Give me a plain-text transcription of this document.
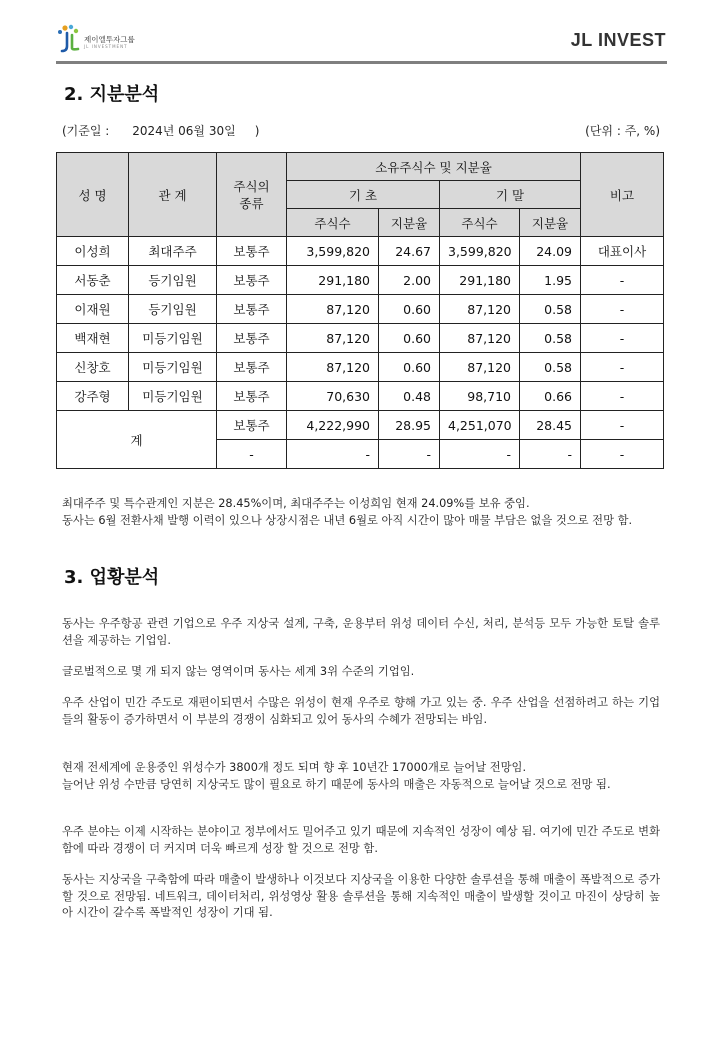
제이엘투자그룹
JL INVESTMENT	JL INVEST
2. 지분분석
(기준일 :      2024년 06월 30일     )	(단위 : 주, %)
성 명	관 계	주식의
종류	소유주식수 및 지분율				비고
			기 초		기 말		
			주식수	지분율	주식수	지분율	
이성희	최대주주	보통주	3,599,820	24.67	3,599,820	24.09	대표이사
서동춘	등기임원	보통주	291,180	2.00	291,180	1.95	-
이재원	등기임원	보통주	87,120	0.60	87,120	0.58	-
백재현	미등기임원	보통주	87,120	0.60	87,120	0.58	-
신창호	미등기임원	보통주	87,120	0.60	87,120	0.58	-
강주형	미등기임원	보통주	70,630	0.48	98,710	0.66	-
계		보통주	4,222,990	28.95	4,251,070	28.45	-
		-	-	-	-	-	-

최대주주 및 특수관계인 지분은 28.45%이며, 최대주주는 이성희임 현재 24.09%를 보유 중임.

동사는 6월 전환사채 발행 이력이 있으나 상장시점은 내년 6월로 아직 시간이 많아 매물 부담은 없을 것으로 전망 함.

3. 업황분석

동사는 우주항공 관련 기업으로 우주 지상국 설계, 구축, 운용부터 위성 데이터 수신, 처리, 분석등 모두 가능한 토탈 솔루션을 제공하는 기업임.

글로벌적으로 몇 개 되지 않는 영역이며 동사는 세계 3위 수준의 기업임.

우주 산업이 민간 주도로 재편이되면서 수많은 위성이 현재 우주로 향해 가고 있는 중. 우주 산업을 선점하려고 하는 기업들의 활동이 증가하면서 이 부분의 경쟁이 심화되고 있어 동사의 수혜가 전망되는 바임.

현재 전세계에 운용중인 위성수가 3800개 정도 되며 향 후 10년간 17000개로 늘어날 전망임.

늘어난 위성 수만큼 당연히 지상국도 많이 필요로 하기 때문에 동사의 매출은 자동적으로 늘어날 것으로 전망 됨.

우주 분야는 이제 시작하는 분야이고 정부에서도 밀어주고 있기 때문에 지속적인 성장이 예상 됨. 여기에 민간 주도로 변화함에 따라 경쟁이 더 커지며 더욱 빠르게 성장 할 것으로 전망 함.

동사는 지상국을 구축함에 따라 매출이 발생하나 이것보다 지상국을 이용한 다양한 솔루션을 통해 매출이 폭발적으로 증가 할 것으로 전망됨. 네트워크, 데이터처리, 위성영상 활용 솔루션을 통해 지속적인 매출이 발생할 것이고 마진이 상당히 높아 시간이 갈수록 폭발적인 성장이 기대 됨.
